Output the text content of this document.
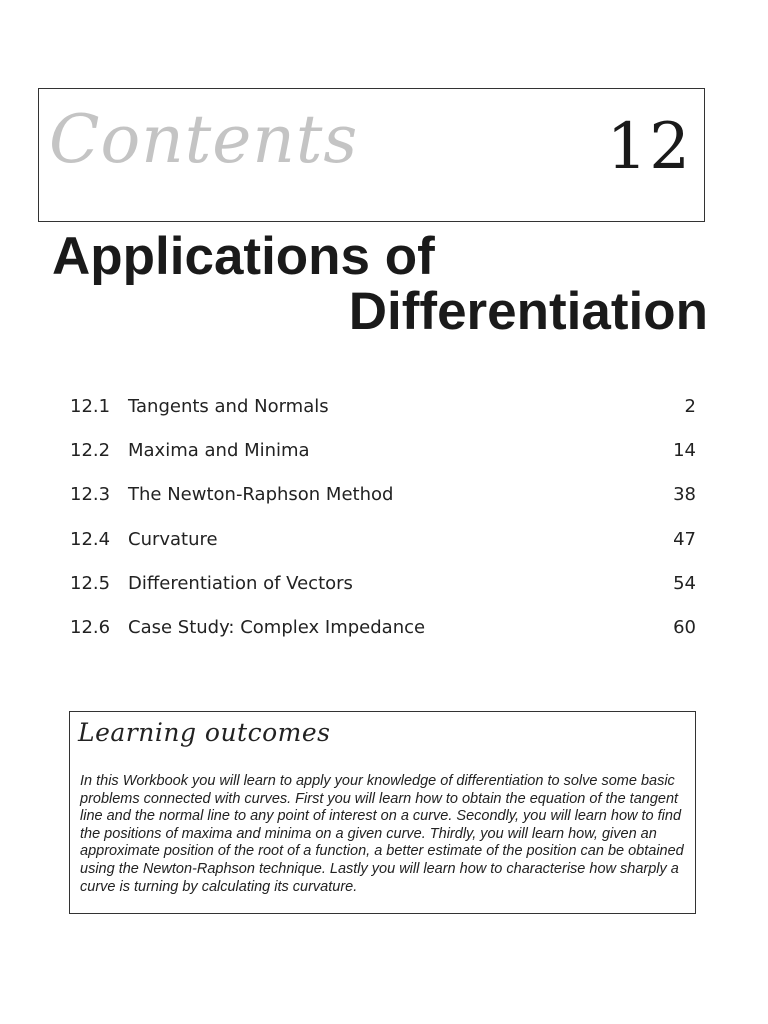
Contents	12
Applications of
Differentiation
12.1 Tangents and Normals	2
12.2 Maxima and Minima	14
12.3 The Newton-Raphson Method	38
12.4 Curvature	47
12.5 Differentiation of Vectors	54
12.6 Case Study: Complex Impedance	60
Learning outcomes

In this Workbook you will learn to apply your knowledge of differentiation to solve some basic problems connected with curves. First you will learn how to obtain the equation of the tangent line and the normal line to any point of interest on a curve. Secondly, you will learn how to find the positions of maxima and minima on a given curve. Thirdly, you will learn how, given an approximate position of the root of a function, a better estimate of the position can be obtained using the Newton-Raphson technique. Lastly you will learn how to characterise how sharply a curve is turning by calculating its curvature.
